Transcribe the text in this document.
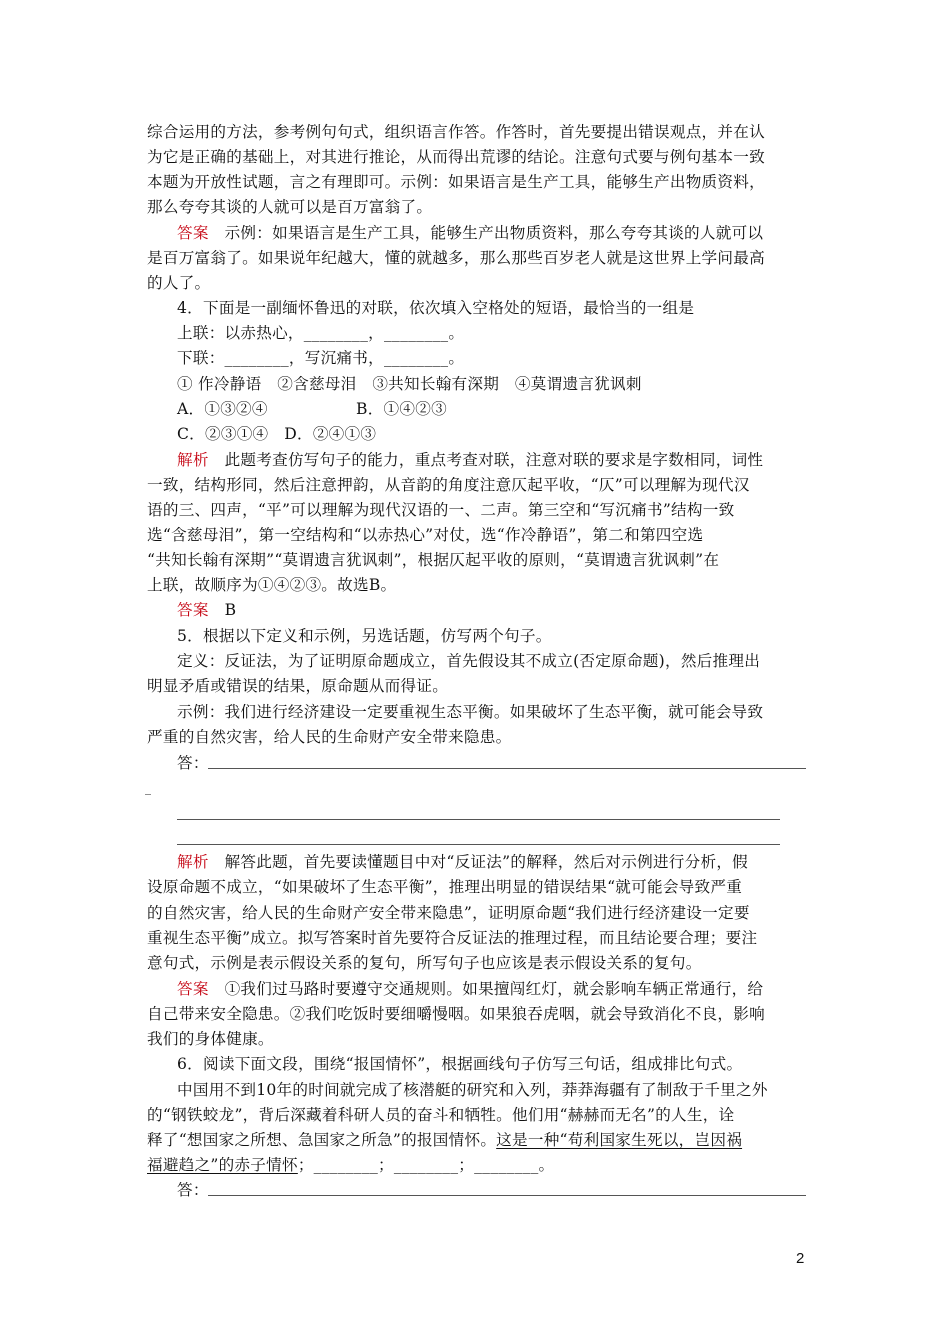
综合运用的方法，参考例句句式，组织语言作答。作答时，首先要提出错误观点，并在认
为它是正确的基础上，对其进行推论，从而得出荒谬的结论。注意句式要与例句基本一致
本题为开放性试题，言之有理即可。示例：如果语言是生产工具，能够生产出物质资料，
那么夸夸其谈的人就可以是百万富翁了。
答案　 示例：如果语言是生产工具，能够生产出物质资料，那么夸夸其谈的人就可以
是百万富翁了。如果说年纪越大，懂的就越多，那么那些百岁老人就是这世界上学问最高
的人了。
4．下面是一副缅怀鲁迅的对联，依次填入空格处的短语，最恰当的一组是
上联：以赤热心，________，________。
下联：________，写沉痛书，________。
① 作冷静语　②含慈母泪　③共知长翰有深期　④莫谓遗言犹讽刺
A．①③②④	B．①④②③
C．②③①④　D．②④①③
解析　 此题考查仿写句子的能力，重点考查对联，注意对联的要求是字数相同，词性
一致，结构形同，然后注意押韵，从音韵的角度注意仄起平收，“仄”可以理解为现代汉
语的三、四声，“平”可以理解为现代汉语的一、二声。第三空和“写沉痛书”结构一致
选“含慈母泪”，第一空结构和“以赤热心”对仗，选“作冷静语”，第二和第四空选
“共知长翰有深期”“莫谓遗言犹讽刺”，根据仄起平收的原则，“莫谓遗言犹讽刺”在
上联，故顺序为①④②③。故选B。
答案　 B
5．根据以下定义和示例，另选话题，仿写两个句子。
定义：反证法，为了证明原命题成立，首先假设其不成立(否定原命题)，然后推理出
明显矛盾或错误的结果，原命题从而得证。
示例：我们进行经济建设一定要重视生态平衡。如果破坏了生态平衡，就可能会导致
严重的自然灾害，给人民的生命财产安全带来隐患。
答：
_
解析　 解答此题，首先要读懂题目中对“反证法”的解释，然后对示例进行分析，假
设原命题不成立，“如果破坏了生态平衡”，推理出明显的错误结果“就可能会导致严重
的自然灾害，给人民的生命财产安全带来隐患”，证明原命题“我们进行经济建设一定要
重视生态平衡”成立。拟写答案时首先要符合反证法的推理过程，而且结论要合理；要注
意句式，示例是表示假设关系的复句，所写句子也应该是表示假设关系的复句。
答案　 ①我们过马路时要遵守交通规则。如果擅闯红灯，就会影响车辆正常通行，给
自己带来安全隐患。②我们吃饭时要细嚼慢咽。如果狼吞虎咽，就会导致消化不良，影响
我们的身体健康。
6．阅读下面文段，围绕“报国情怀”，根据画线句子仿写三句话，组成排比句式。
中国用不到10年的时间就完成了核潜艇的研究和入列，莽莽海疆有了制敌于千里之外
的“钢铁蛟龙”，背后深藏着科研人员的奋斗和牺牲。他们用“赫赫而无名”的人生，诠
释了“想国家之所想、急国家之所急”的报国情怀。这是一种“苟利国家生死以，岂因祸
福避趋之”的赤子情怀；________；________；________。
答：
2
